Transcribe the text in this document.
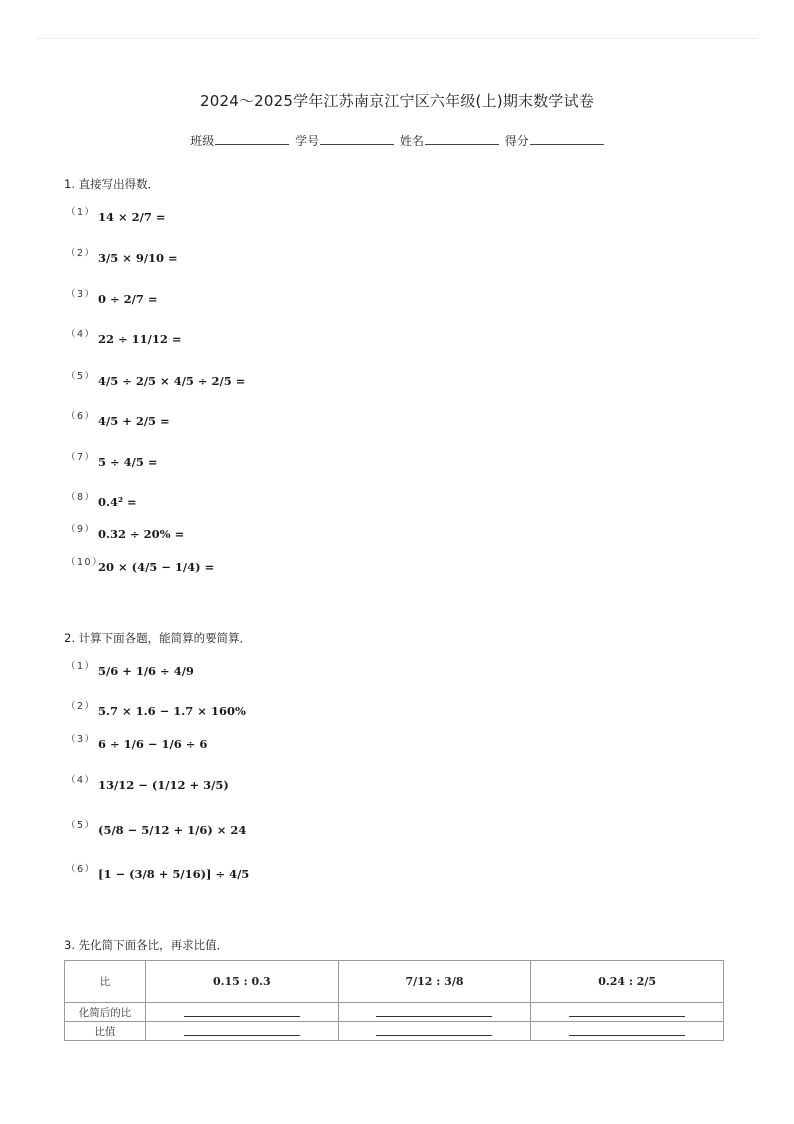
2024～2025学年江苏南京江宁区六年级(上)期末数学试卷
班级	学号	姓名	得分
1. 直接写出得数．
（1） 14 × 2/7 =
（2） 3/5 × 9/10 =
（3） 0 ÷ 2/7 =
（4） 22 ÷ 11/12 =
（5） 4/5 ÷ 2/5 × 4/5 ÷ 2/5 =
（6） 4/5 + 2/5 =
（7） 5 ÷ 4/5 =
（8） 0.4² =
（9） 0.32 ÷ 20% =
（10）
20 × (4/5 − 1/4) =
2. 计算下面各题，能简算的要简算．
（1） 5/6 + 1/6 ÷ 4/9
（2） 5.7 × 1.6 − 1.7 × 160%
（3） 6 ÷ 1/6 − 1/6 ÷ 6
（4） 13/12 − (1/12 + 3/5)
（5） (5/8 − 5/12 + 1/6) × 24
（6） [1 − (3/8 + 5/16)] ÷ 4/5
3. 先化简下面各比，再求比值．
比	0.15 : 0.3	7/12 : 3/8	0.24 : 2/5
化简后的比			
比值			
